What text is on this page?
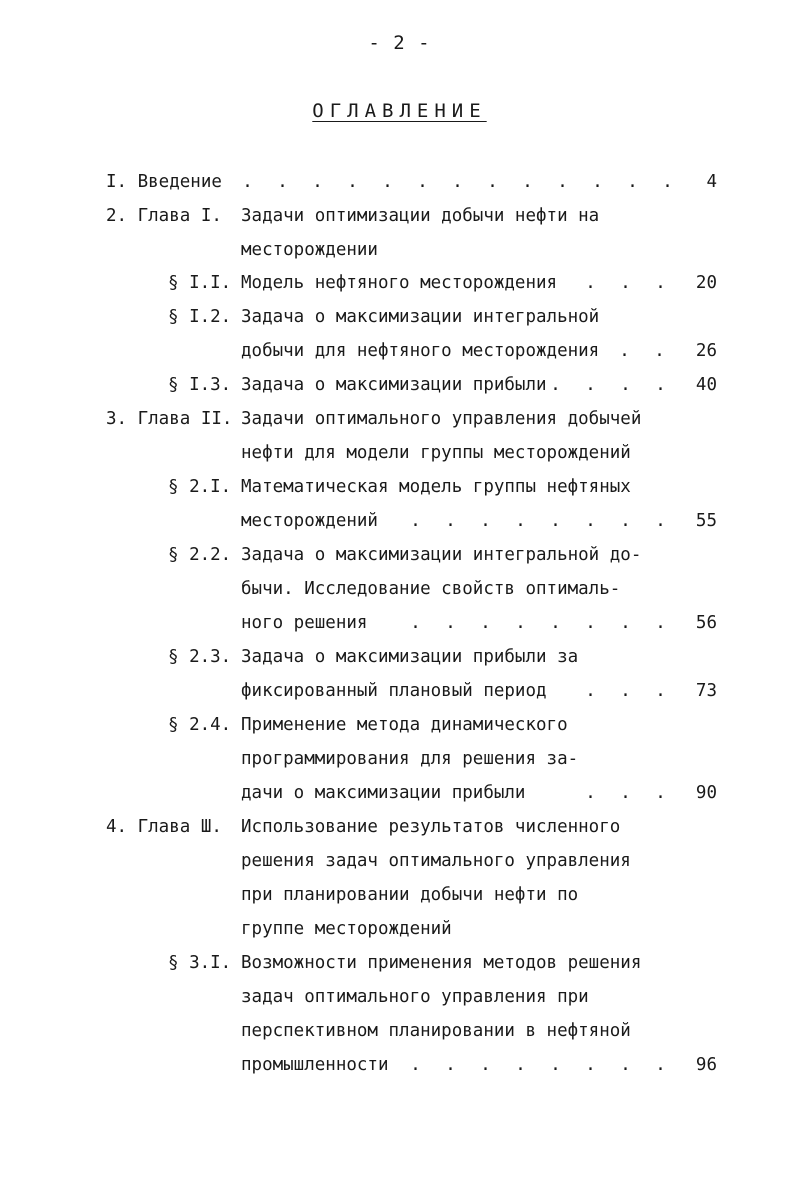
- 2 -
ОГЛАВЛЕНИЕ
I. Введение	. . . . . . . . . . . . .	4
2. Глава I. Задачи оптимизации добычи нефти на
месторождении
§ I.I. Модель нефтяного месторождения	. . .	20
§ I.2. Задача о максимизации интегральной
добычи для нефтяного месторождения	. .	26
§ I.3. Задача о максимизации прибыли . . . .	40
3. Глава II. Задачи оптимального управления добычей
нефти для модели группы месторождений
§ 2.I. Математическая модель группы нефтяных
месторождений	. . . . . . . .	55
§ 2.2. Задача о максимизации интегральной до-
бычи. Исследование свойств оптималь-
ного решения	. . . . . . . .	56
§ 2.3. Задача о максимизации прибыли за
фиксированный плановый период	. . .	73
§ 2.4. Применение метода динамического
программирования для решения за-
дачи о максимизации прибыли	. . .	90
4. Глава Ш. Использование результатов численного
решения задач оптимального управления
при планировании добычи нефти по
группе месторождений
§ 3.I. Возможности применения методов решения
задач оптимального управления при
перспективном планировании в нефтяной
промышленности	. . . . . . . .	96
